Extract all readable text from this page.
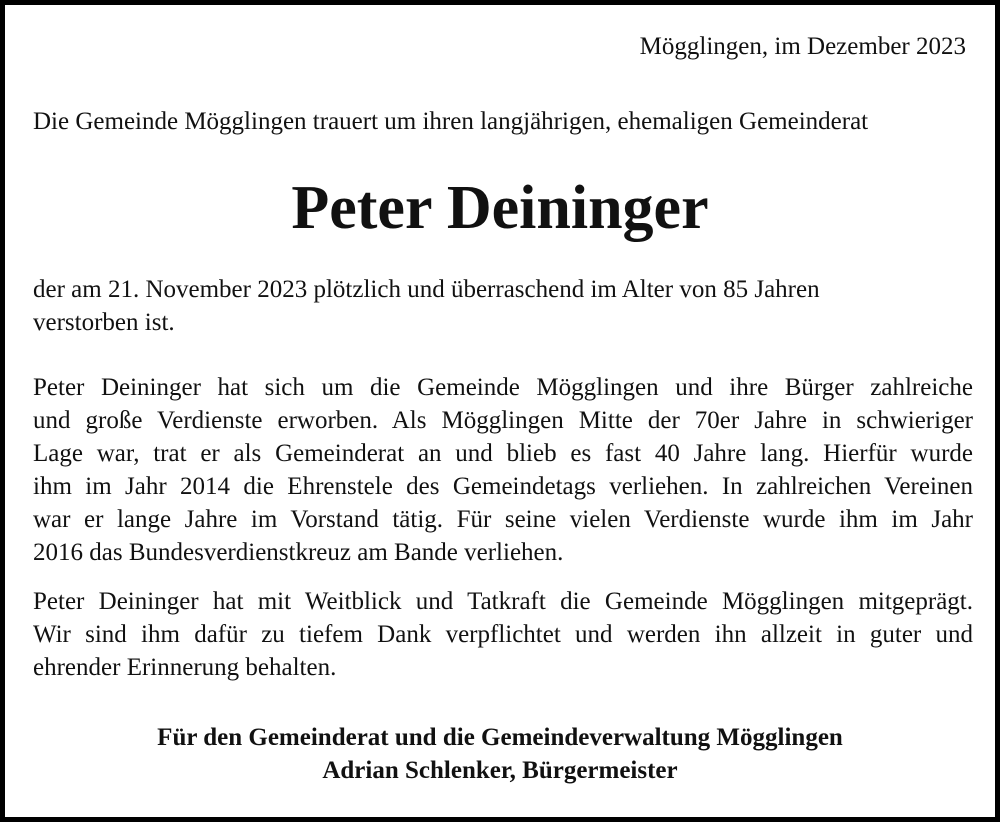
Mögglingen, im Dezember 2023
Die Gemeinde Mögglingen trauert um ihren langjährigen, ehemaligen Gemeinderat
Peter Deininger
der am 21. November 2023 plötzlich und überraschend im Alter von 85 Jahren
verstorben ist.
Peter Deininger hat sich um die Gemeinde Mögglingen und ihre Bürger zahlreiche
und große Verdienste erworben. Als Mögglingen Mitte der 70er Jahre in schwieriger
Lage war, trat er als Gemeinderat an und blieb es fast 40 Jahre lang. Hierfür wurde
ihm im Jahr 2014 die Ehrenstele des Gemeindetags verliehen. In zahlreichen Vereinen
war er lange Jahre im Vorstand tätig. Für seine vielen Verdienste wurde ihm im Jahr
2016 das Bundesverdienstkreuz am Bande verliehen.
Peter Deininger hat mit Weitblick und Tatkraft die Gemeinde Mögglingen mitgeprägt.
Wir sind ihm dafür zu tiefem Dank verpflichtet und werden ihn allzeit in guter und
ehrender Erinnerung behalten.
Für den Gemeinderat und die Gemeindeverwaltung Mögglingen
Adrian Schlenker, Bürgermeister
